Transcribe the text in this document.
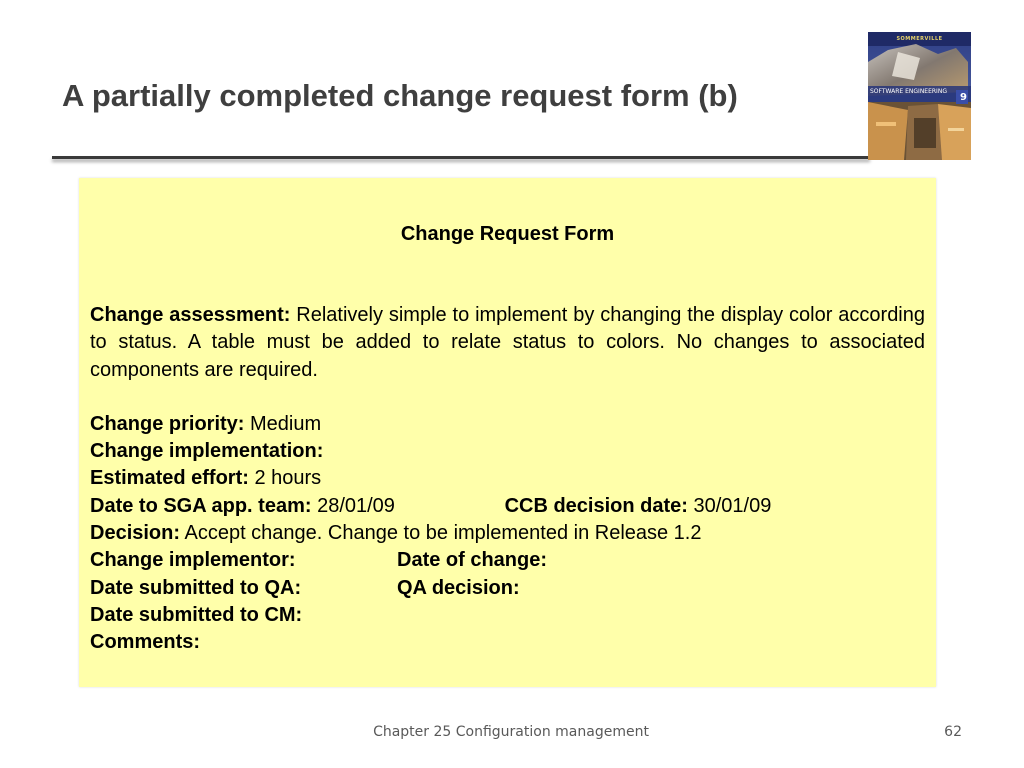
A partially completed change request form (b)
SOMMERVILLE
SOFTWARE ENGINEERING
9
Change Request Form
Change assessment: Relatively simple to implement by changing the display color according to status. A table must be added to relate status to colors. No changes to associated components are required.
Change priority: Medium
Change implementation:
Estimated effort: 2 hours
Date to SGA app. team: 28/01/09	CCB decision date: 30/01/09
Decision: Accept change. Change to be implemented in Release 1.2
Change implementor:	Date of change:
Date submitted to QA:	QA decision:
Date submitted to CM:
Comments:
Chapter 25 Configuration management	62
